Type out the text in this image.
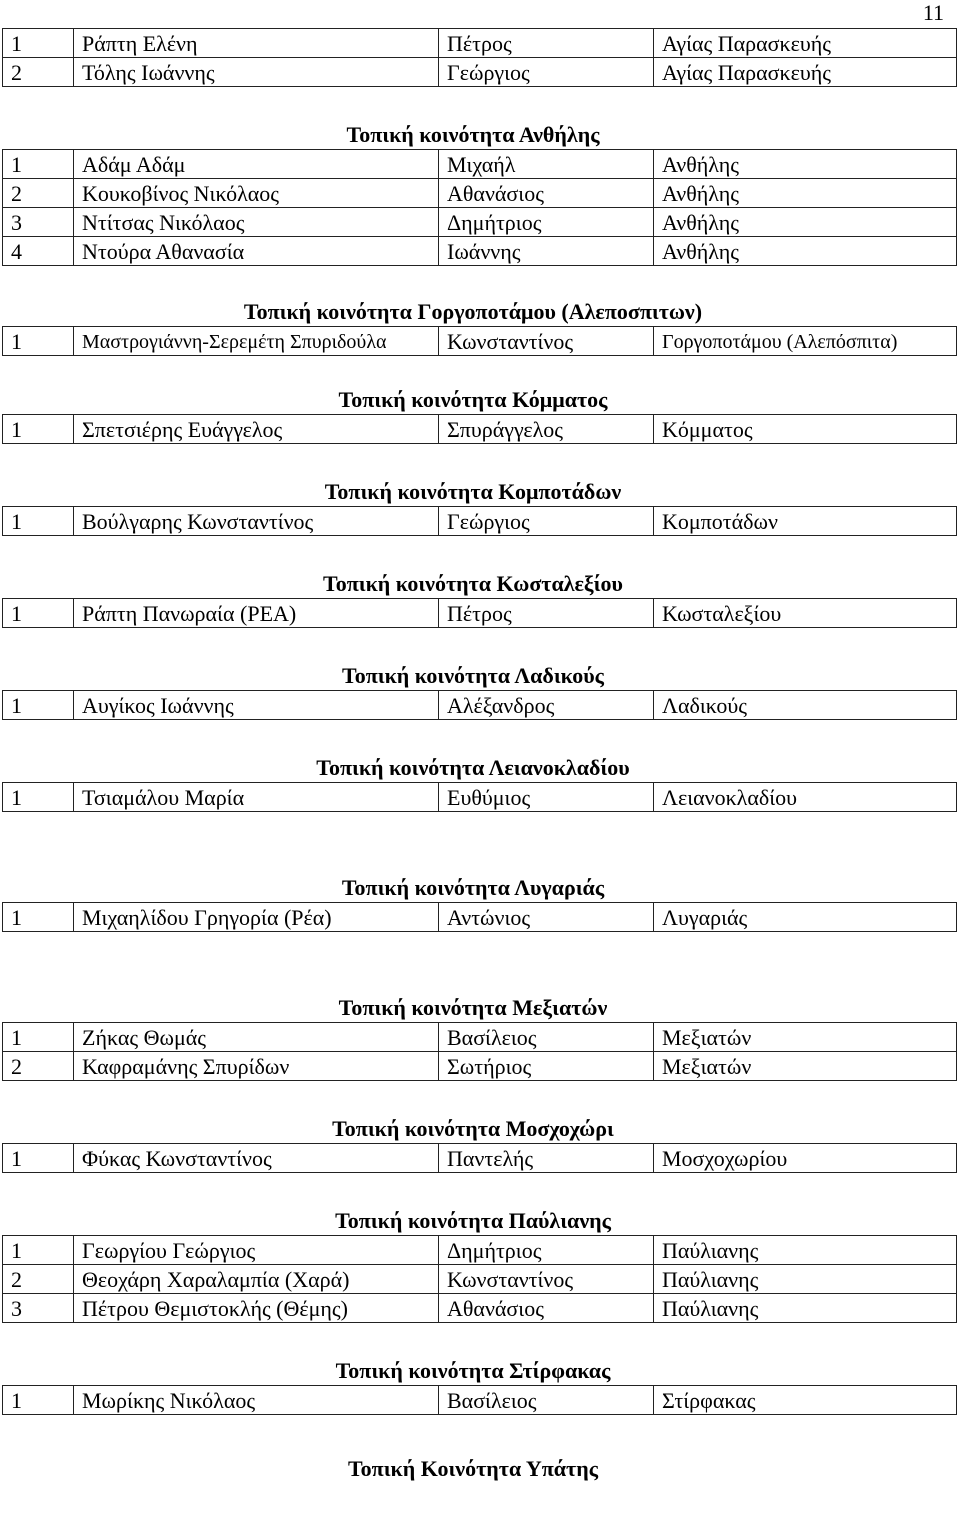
11
1	Ράπτη Ελένη	Πέτρος	Αγίας Παρασκευής
2	Τόλης Ιωάννης	Γεώργιος	Αγίας Παρασκευής
Τοπική κοινότητα Ανθήλης
1	Αδάμ Αδάμ	Μιχαήλ	Ανθήλης
2	Κουκοβίνος Νικόλαος	Αθανάσιος	Ανθήλης
3	Ντίτσας Νικόλαος	Δημήτριος	Ανθήλης
4	Ντούρα Αθανασία	Ιωάννης	Ανθήλης
Τοπική κοινότητα Γοργοποτάμου (Αλεποσπιτων)
1	Μαστρογιάννη-Σερεμέτη Σπυριδούλα	Κωνσταντίνος	Γοργοποτάμου (Αλεπόσπιτα)
Τοπική κοινότητα Κόμματος
1	Σπετσιέρης Ευάγγελος	Σπυράγγελος	Κόμματος
Τοπική κοινότητα Κομποτάδων
1	Βούλγαρης Κωνσταντίνος	Γεώργιος	Κομποτάδων
Τοπική κοινότητα Κωσταλεξίου
1	Ράπτη Πανωραία (ΡΕΑ)	Πέτρος	Κωσταλεξίου
Τοπική κοινότητα Λαδικούς
1	Αυγίκος Ιωάννης	Αλέξανδρος	Λαδικούς
Τοπική κοινότητα Λειανοκλαδίου
1	Τσιαμάλου Μαρία	Ευθύμιος	Λειανοκλαδίου
Τοπική κοινότητα Λυγαριάς
1	Μιχαηλίδου Γρηγορία (Ρέα)	Αντώνιος	Λυγαριάς
Τοπική κοινότητα Μεξιατών
1	Ζήκας Θωμάς	Βασίλειος	Μεξιατών
2	Καφραμάνης Σπυρίδων	Σωτήριος	Μεξιατών
Τοπική κοινότητα Μοσχοχώρι
1	Φύκας Κωνσταντίνος	Παντελής	Μοσχοχωρίου
Τοπική κοινότητα Παύλιανης
1	Γεωργίου Γεώργιος	Δημήτριος	Παύλιανης
2	Θεοχάρη Χαραλαμπία (Χαρά)	Κωνσταντίνος	Παύλιανης
3	Πέτρου Θεμιστοκλής (Θέμης)	Αθανάσιος	Παύλιανης
Τοπική κοινότητα Στίρφακας
1	Μωρίκης Νικόλαος	Βασίλειος	Στίρφακας
Τοπική Κοινότητα Υπάτης
